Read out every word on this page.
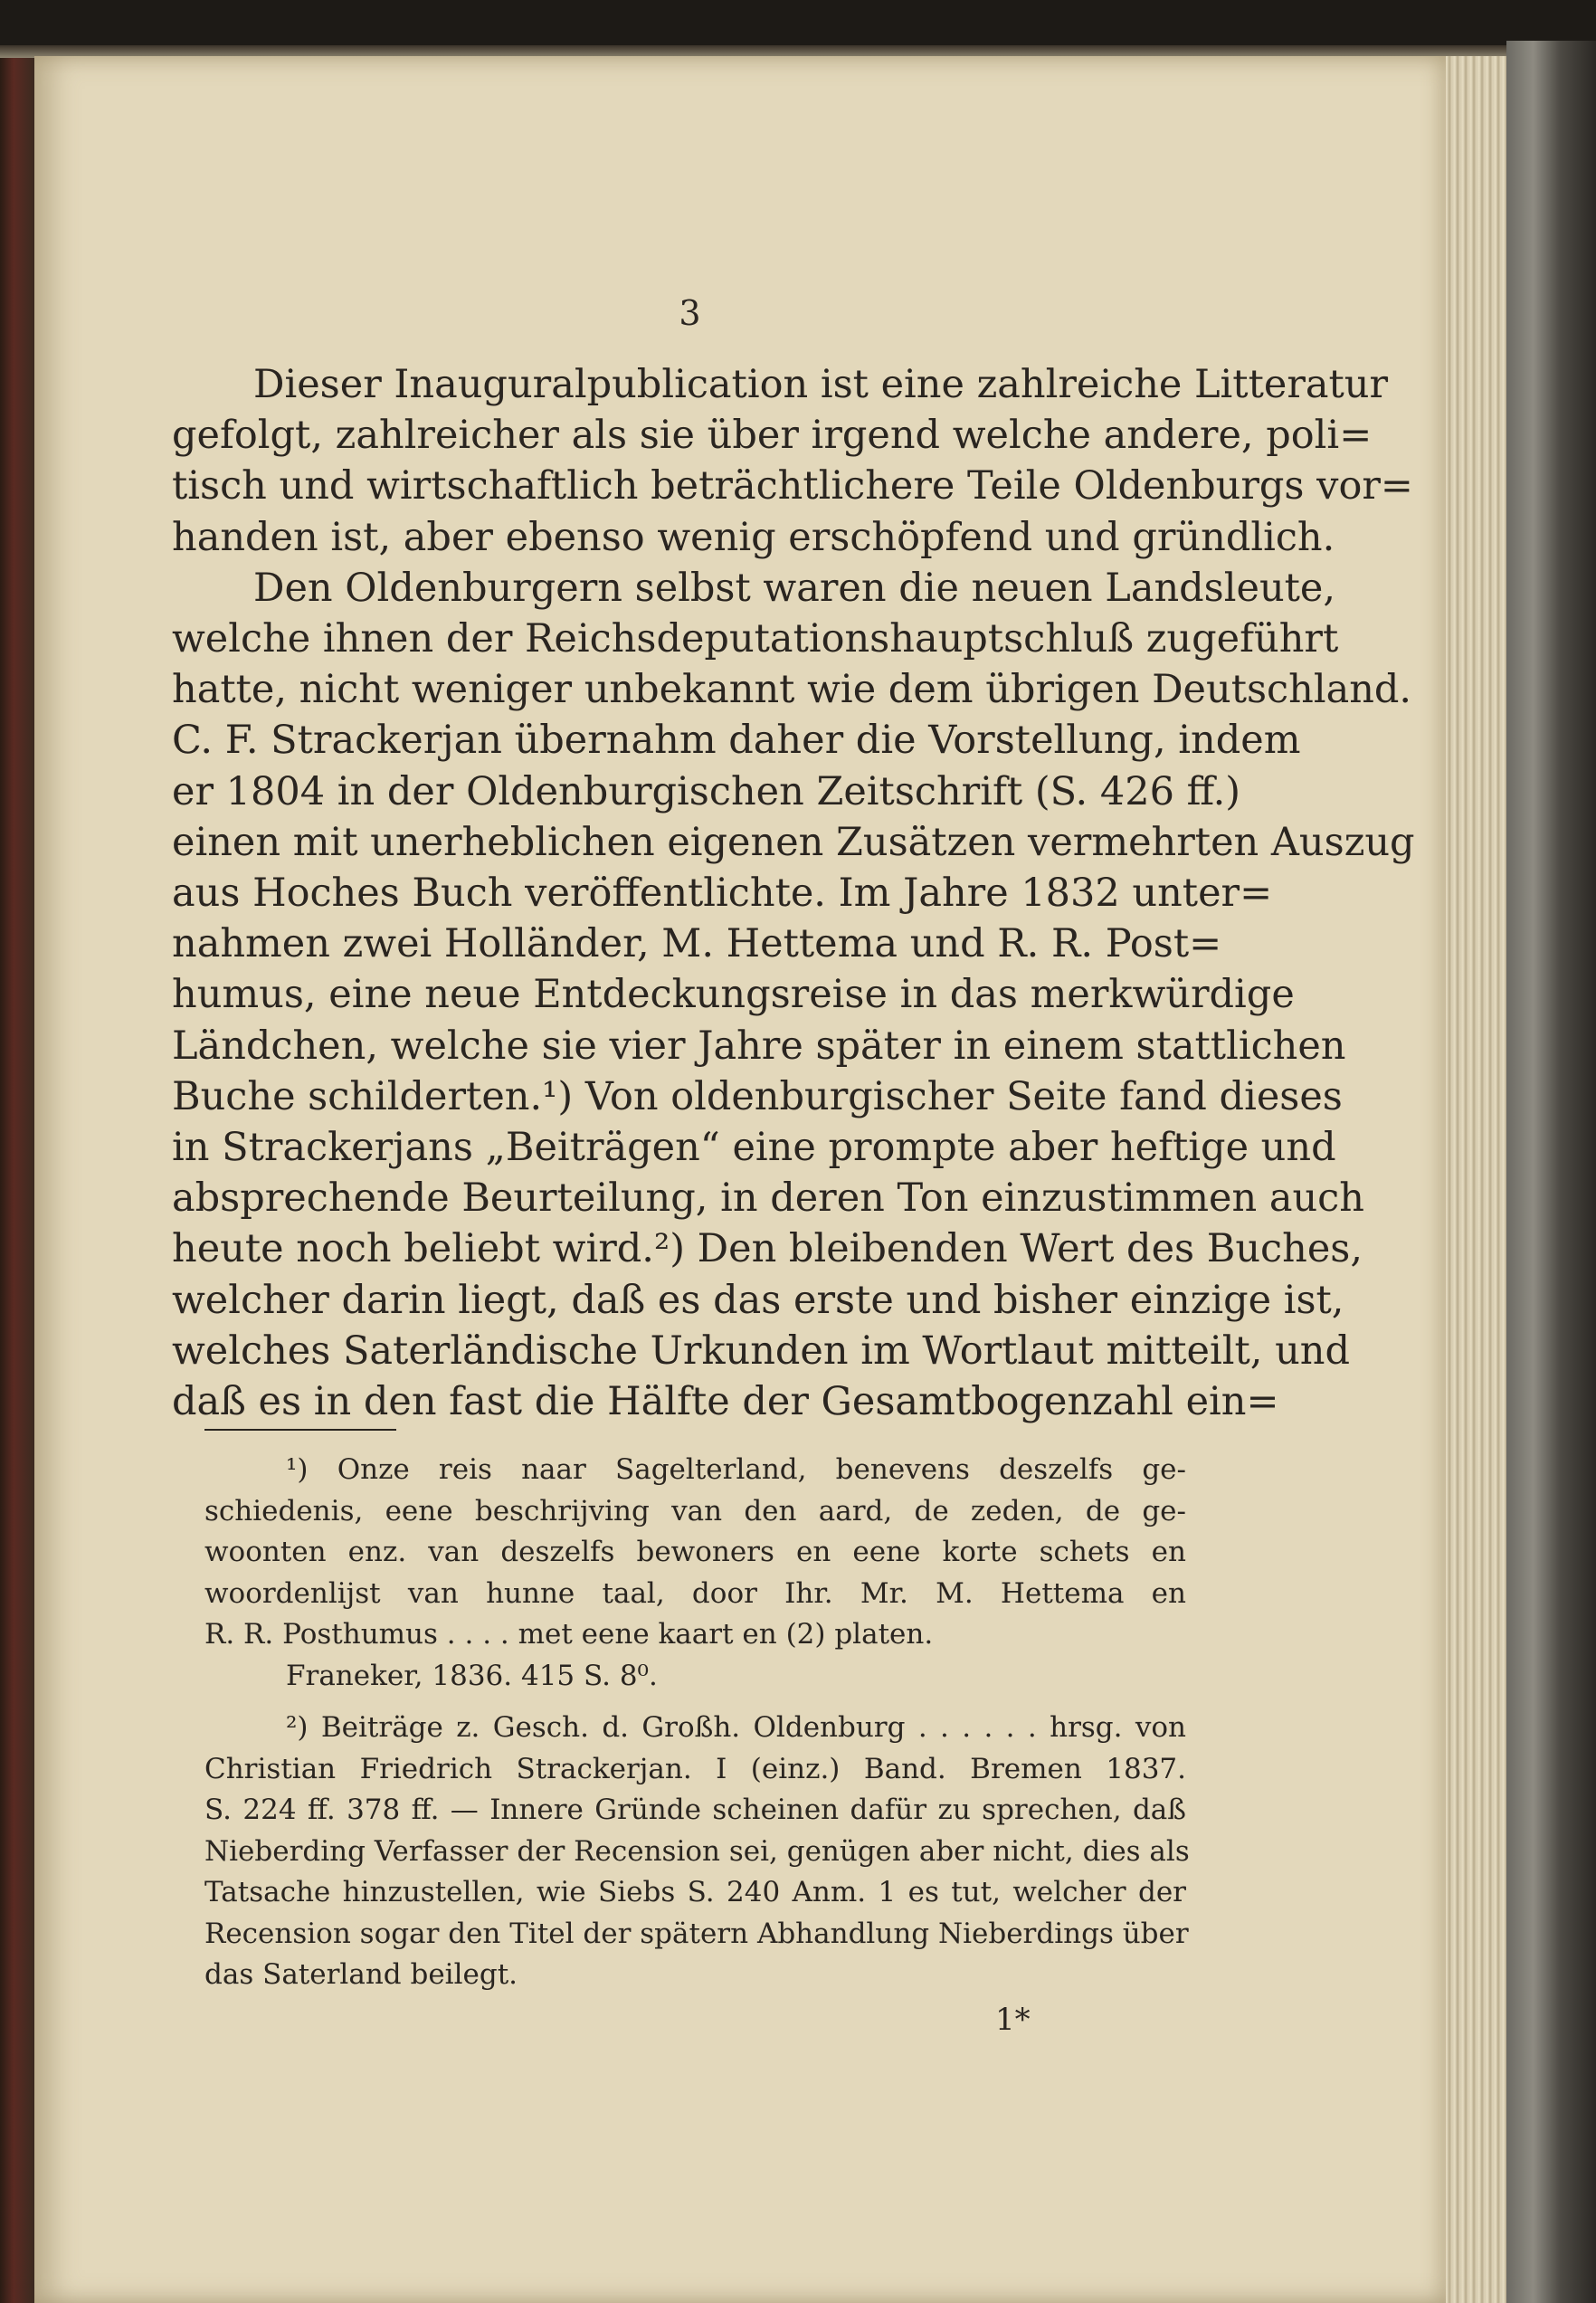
3
Dieser Inauguralpublication ist eine zahlreiche Litteratur
gefolgt, zahlreicher als sie über irgend welche andere, poli=
tisch und wirtschaftlich beträchtlichere Teile Oldenburgs vor=
handen ist, aber ebenso wenig erschöpfend und gründlich.
Den Oldenburgern selbst waren die neuen Landsleute,
welche ihnen der Reichsdeputationshauptschluß zugeführt
hatte, nicht weniger unbekannt wie dem übrigen Deutschland.
C. F. Strackerjan übernahm daher die Vorstellung, indem
er 1804 in der Oldenburgischen Zeitschrift (S. 426 ff.)
einen mit unerheblichen eigenen Zusätzen vermehrten Auszug
aus Hoches Buch veröffentlichte. Im Jahre 1832 unter=
nahmen zwei Holländer, M. Hettema und R. R. Post=
humus, eine neue Entdeckungsreise in das merkwürdige
Ländchen, welche sie vier Jahre später in einem stattlichen
Buche schilderten.¹) Von oldenburgischer Seite fand dieses
in Strackerjans „Beiträgen“ eine prompte aber heftige und
absprechende Beurteilung, in deren Ton einzustimmen auch
heute noch beliebt wird.²) Den bleibenden Wert des Buches,
welcher darin liegt, daß es das erste und bisher einzige ist,
welches Saterländische Urkunden im Wortlaut mitteilt, und
daß es in den fast die Hälfte der Gesamtbogenzahl ein=
¹) Onze reis naar Sagelterland, benevens deszelfs ge-
schiedenis, eene beschrijving van den aard, de zeden, de ge-
woonten enz. van deszelfs bewoners en eene korte schets en
woordenlijst van hunne taal, door Ihr. Mr. M. Hettema en
R. R. Posthumus . . . . met eene kaart en (2) platen.
Franeker, 1836. 415 S. 8⁰.
²) Beiträge z. Gesch. d. Großh. Oldenburg . . . . . . hrsg. von
Christian Friedrich Strackerjan. I (einz.) Band. Bremen 1837.
S. 224 ff. 378 ff. — Innere Gründe scheinen dafür zu sprechen, daß
Nieberding Verfasser der Recension sei, genügen aber nicht, dies als
Tatsache hinzustellen, wie Siebs S. 240 Anm. 1 es tut, welcher der
Recension sogar den Titel der spätern Abhandlung Nieberdings über
das Saterland beilegt.
1*
